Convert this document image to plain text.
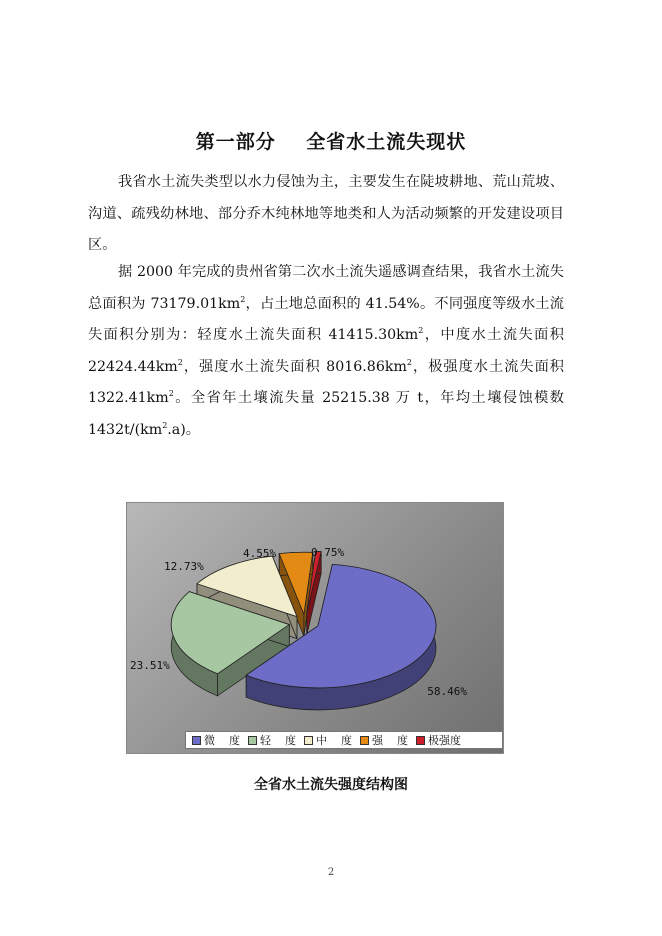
第一部分    全省水土流失现状

我省水土流失类型以水力侵蚀为主，主要发生在陡坡耕地、荒山荒坡、沟道、疏残幼林地、部分乔木纯林地等地类和人为活动频繁的开发建设项目区。

据 2000 年完成的贵州省第二次水土流失遥感调查结果，我省水土流失总面积为 $73179.01km^2$，占土地总面积的 41.54%。不同强度等级水土流失面积分别为：轻度水土流失面积 $41415.30km^2$，中度水土流失面积 $22424.44km^2$，强度水土流失面积 $8016.86km^2$，极强度水土流失面积 $1322.41km^2$。全省年土壤流失量 25215.38 万 t，年均土壤侵蚀模数 $1432t/(km^2.a)$。

58.46%
23.51%
12.73%
4.55%	0.75%
微    度 轻    度 中    度 强    度 极强度
全省水土流失强度结构图
2
